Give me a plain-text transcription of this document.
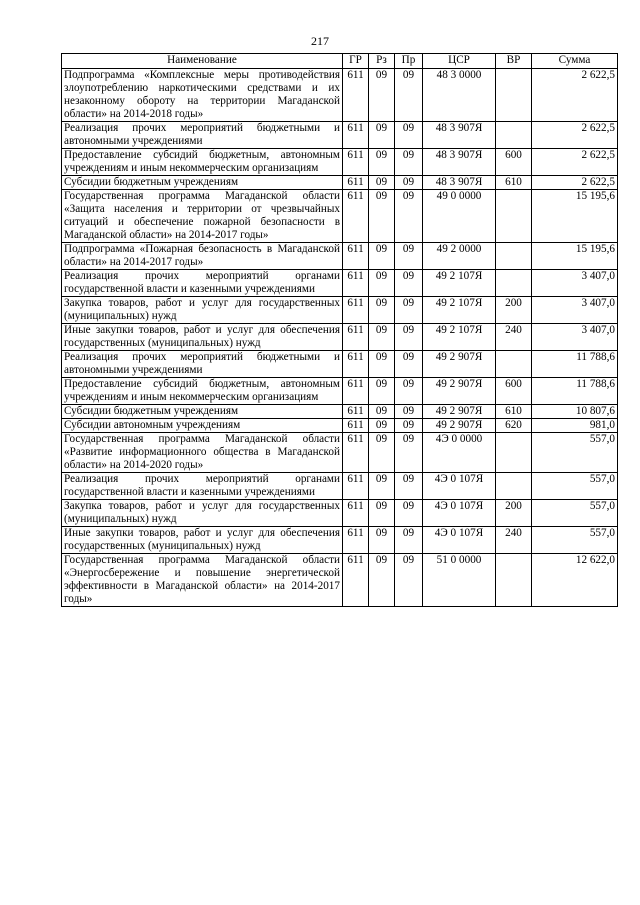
217
Наименование	ГР	Рз	Пр	ЦСР	ВР	Сумма
Подпрограмма «Комплексные меры противодействия злоупотреблению наркотическими средствами и их незаконному обороту на территории Магаданской области» на 2014-2018 годы»	611	09	09	48 3 0000		2 622,5
Реализация прочих мероприятий бюджетными и автономными учреждениями	611	09	09	48 3 907Я		2 622,5
Предоставление субсидий бюджетным, автономным учреждениям и иным некоммерческим организациям	611	09	09	48 3 907Я	600	2 622,5
Субсидии бюджетным учреждениям	611	09	09	48 3 907Я	610	2 622,5
Государственная программа Магаданской области «Защита населения и территории от чрезвычайных ситуаций и обеспечение пожарной безопасности в Магаданской области» на 2014-2017 годы»	611	09	09	49 0 0000		15 195,6
Подпрограмма «Пожарная безопасность в Магаданской области» на 2014-2017 годы»	611	09	09	49 2 0000		15 195,6
Реализация прочих мероприятий органами государственной власти и казенными учреждениями	611	09	09	49 2 107Я		3 407,0
Закупка товаров, работ и услуг для государственных (муниципальных) нужд	611	09	09	49 2 107Я	200	3 407,0
Иные закупки товаров, работ и услуг для обеспечения государственных (муниципальных) нужд	611	09	09	49 2 107Я	240	3 407,0
Реализация прочих мероприятий бюджетными и автономными учреждениями	611	09	09	49 2 907Я		11 788,6
Предоставление субсидий бюджетным, автономным учреждениям и иным некоммерческим организациям	611	09	09	49 2 907Я	600	11 788,6
Субсидии бюджетным учреждениям	611	09	09	49 2 907Я	610	10 807,6
Субсидии автономным учреждениям	611	09	09	49 2 907Я	620	981,0
Государственная программа Магаданской области «Развитие информационного общества в Магаданской области» на 2014-2020 годы»	611	09	09	4Э 0 0000		557,0
Реализация прочих мероприятий органами государственной власти и казенными учреждениями	611	09	09	4Э 0 107Я		557,0
Закупка товаров, работ и услуг для государственных (муниципальных) нужд	611	09	09	4Э 0 107Я	200	557,0
Иные закупки товаров, работ и услуг для обеспечения государственных (муниципальных) нужд	611	09	09	4Э 0 107Я	240	557,0
Государственная программа Магаданской области «Энергосбережение и повышение энергетической эффективности в Магаданской области» на 2014-2017 годы»	611	09	09	51 0 0000		12 622,0
